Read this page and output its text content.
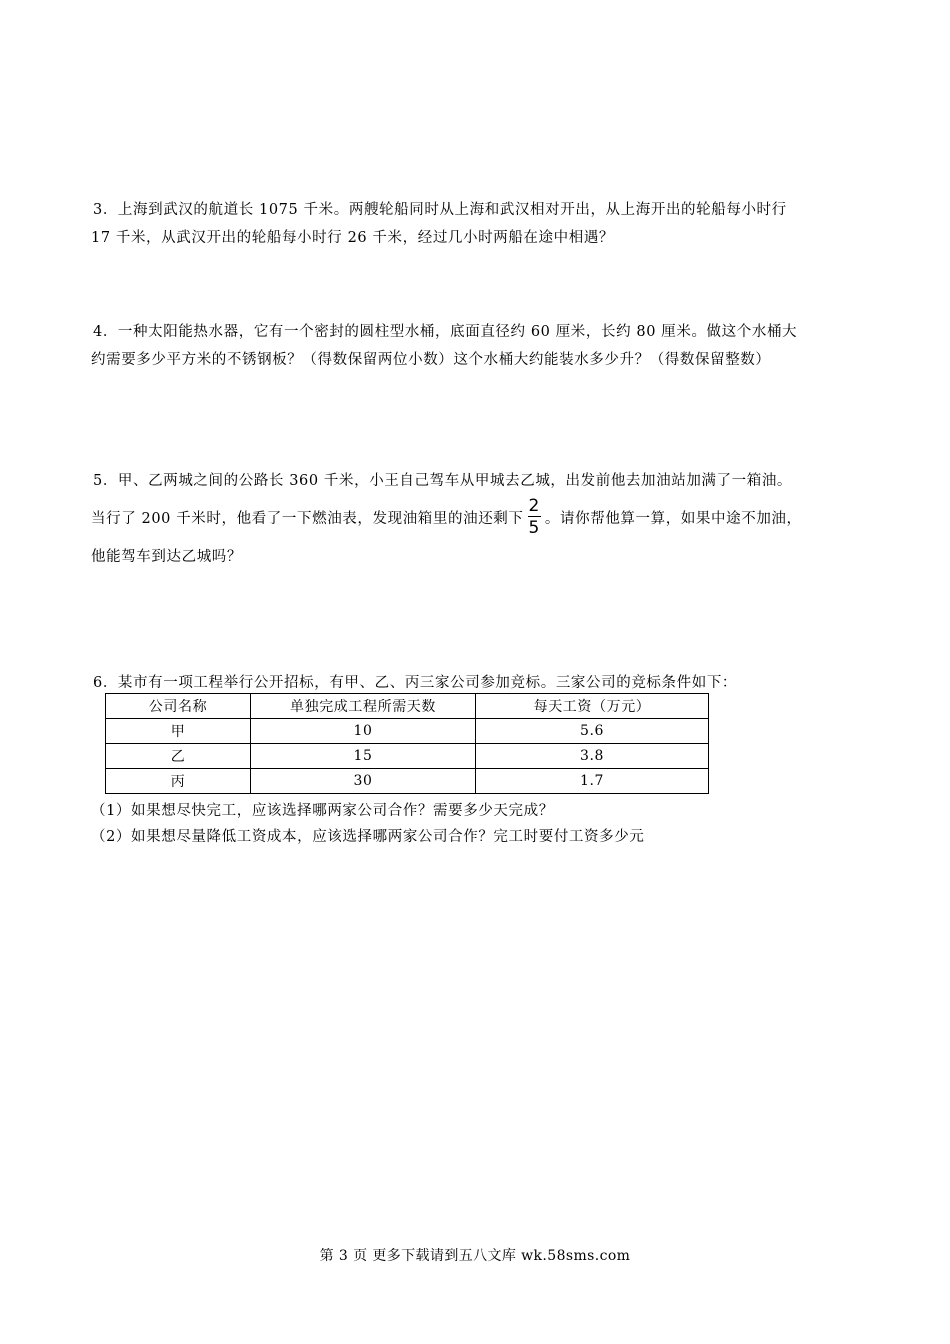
3．上海到武汉的航道长 1075 千米。两艘轮船同时从上海和武汉相对开出，从上海开出的轮船每小时行
17 千米，从武汉开出的轮船每小时行 26 千米，经过几小时两船在途中相遇？
4．一种太阳能热水器，它有一个密封的圆柱型水桶，底面直径约 60 厘米，长约 80 厘米。做这个水桶大
约需要多少平方米的不锈钢板？（得数保留两位小数）这个水桶大约能装水多少升？（得数保留整数）
5．甲、乙两城之间的公路长 360 千米，小王自己驾车从甲城去乙城，出发前他去加油站加满了一箱油。
当行了 200 千米时，他看了一下燃油表，发现油箱里的油还剩下 $\frac{2}{5}$ 。请你帮他算一算，如果中途不加油，
他能驾车到达乙城吗？
6．某市有一项工程举行公开招标，有甲、乙、丙三家公司参加竞标。三家公司的竞标条件如下：
公司名称	单独完成工程所需天数	每天工资（万元）
甲	10	5.6
乙	15	3.8
丙	30	1.7
（1）如果想尽快完工，应该选择哪两家公司合作？需要多少天完成？
（2）如果想尽量降低工资成本，应该选择哪两家公司合作？完工时要付工资多少元
第 3 页 更多下载请到五八文库 wk.58sms.com
